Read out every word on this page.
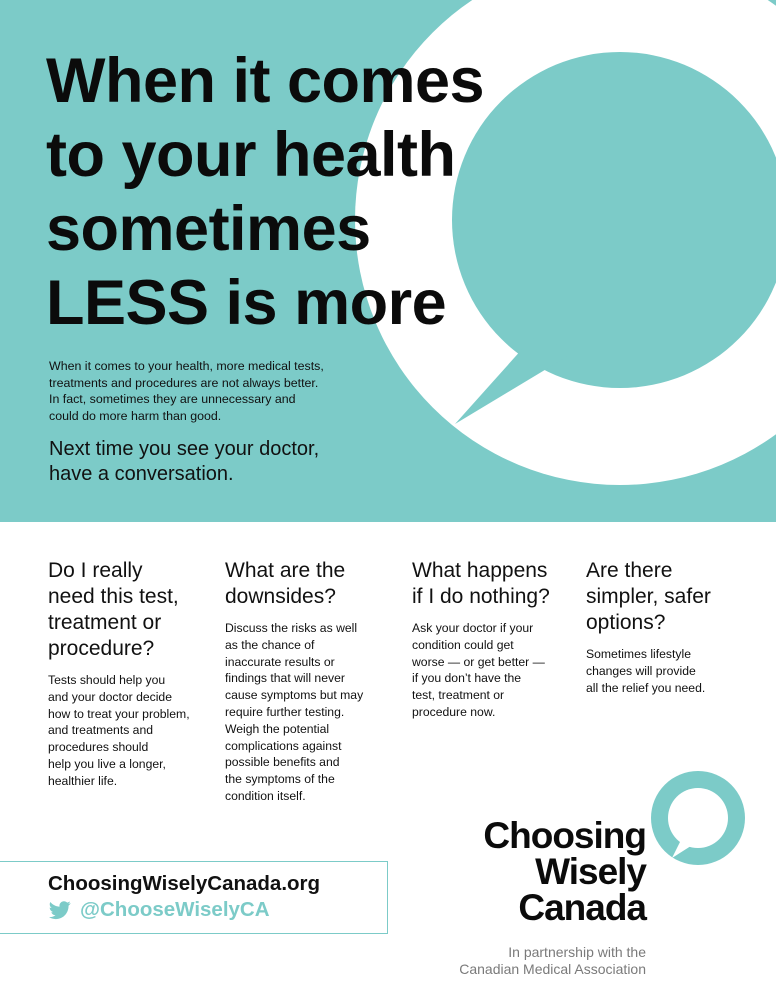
When it comes
to your health
sometimes
LESS is more

When it comes to your health, more medical tests,
treatments and procedures are not always better.
In fact, sometimes they are unnecessary and
could do more harm than good.

Next time you see your doctor,
have a conversation.

Do I really
need this test,
treatment or
procedure?

Tests should help you
and your doctor decide
how to treat your problem,
and treatments and
procedures should
help you live a longer,
healthier life.

What are the
downsides?

Discuss the risks as well
as the chance of
inaccurate results or
findings that will never
cause symptoms but may
require further testing.
Weigh the potential
complications against
possible benefits and
the symptoms of the
condition itself.

What happens
if I do nothing?

Ask your doctor if your
condition could get
worse — or get better —
if you don’t have the
test, treatment or
procedure now.

Are there
simpler, safer
options?

Sometimes lifestyle
changes will provide
all the relief you need.

ChoosingWiselyCanada.org
@ChooseWiselyCA
Choosing
Wisely
Canada
In partnership with the
Canadian Medical Association
